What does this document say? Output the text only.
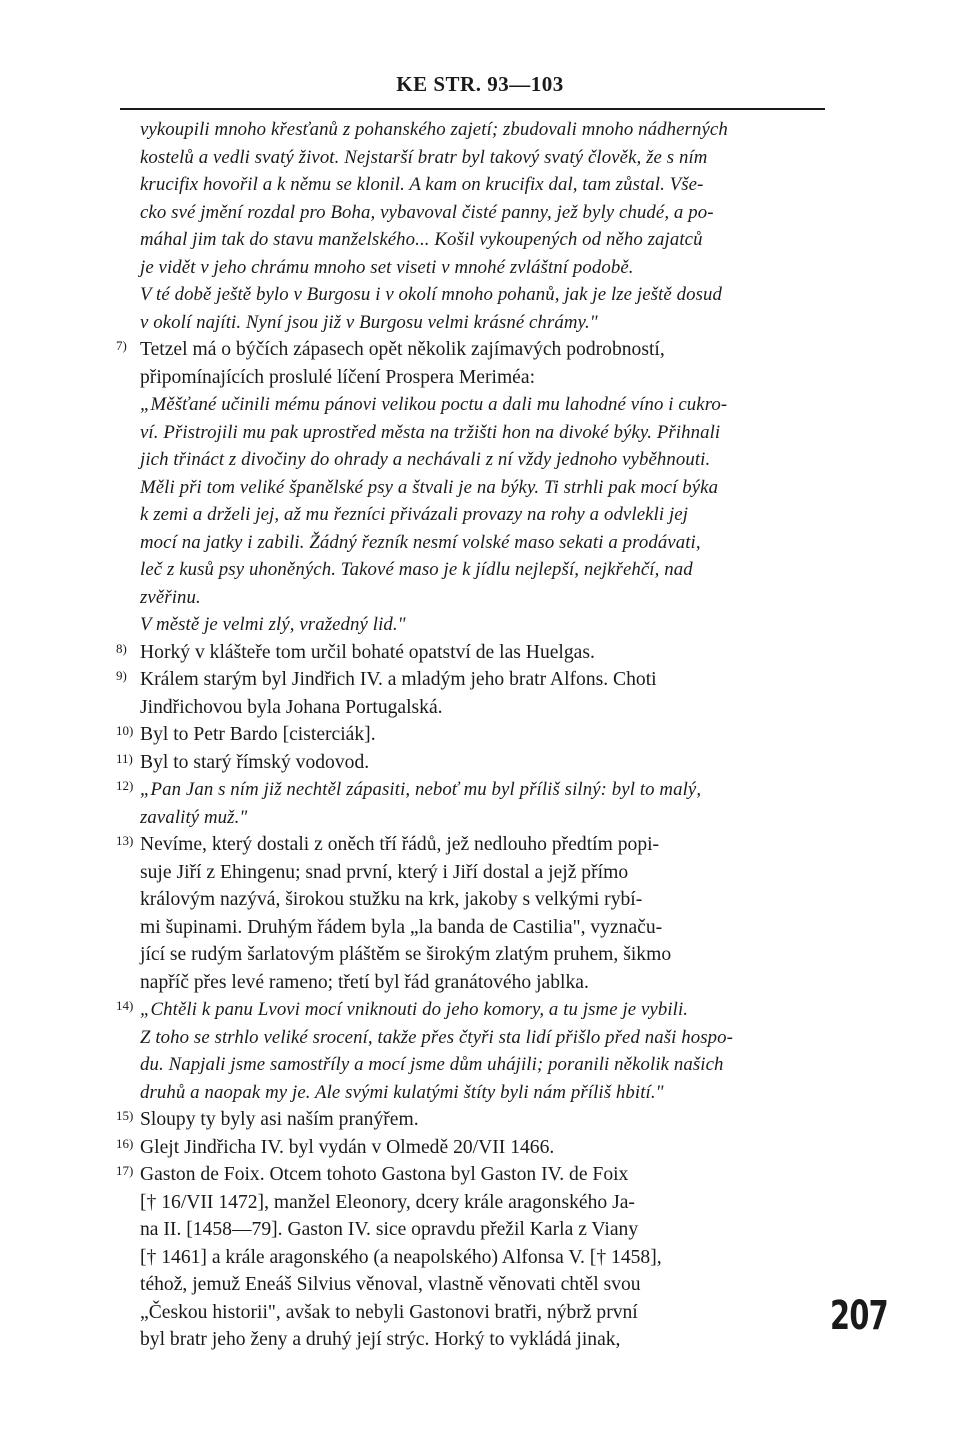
KE STR. 93—103
vykoupili mnoho křesťanů z pohanského zajetí; zbudovali mnoho nádherných
kostelů a vedli svatý život. Nejstarší bratr byl takový svatý člověk, že s ním
krucifix hovořil a k němu se klonil. A kam on krucifix dal, tam zůstal. Vše-
cko své jmění rozdal pro Boha, vybavoval čisté panny, jež byly chudé, a po-
máhal jim tak do stavu manželského... Košil vykoupených od něho zajatců
je vidět v jeho chrámu mnoho set viseti v mnohé zvláštní podobě.
V té době ještě bylo v Burgosu i v okolí mnoho pohanů, jak je lze ještě dosud
v okolí najíti. Nyní jsou již v Burgosu velmi krásné chrámy."
7) Tetzel má o býčích zápasech opět několik zajímavých podrobností,
připomínajících proslulé líčení Prospera Meriméa:
„Měšťané učinili mému pánovi velikou poctu a dali mu lahodné víno i cukro-
ví. Přistrojili mu pak uprostřed města na tržišti hon na divoké býky. Přihnali
jich třináct z divočiny do ohrady a nechávali z ní vždy jednoho vyběhnouti.
Měli při tom veliké španělské psy a štvali je na býky. Ti strhli pak mocí býka
k zemi a drželi jej, až mu řezníci přivázali provazy na rohy a odvlekli jej
mocí na jatky i zabili. Žádný řezník nesmí volské maso sekati a prodávati,
leč z kusů psy uhoněných. Takové maso je k jídlu nejlepší, nejkřehčí, nad
zvěřinu.
V městě je velmi zlý, vražedný lid."
8) Horký v klášteře tom určil bohaté opatství de las Huelgas.
9) Králem starým byl Jindřich IV. a mladým jeho bratr Alfons. Choti
Jindřichovou byla Johana Portugalská.
10) Byl to Petr Bardo [cisterciák].
11) Byl to starý římský vodovod.
12) „Pan Jan s ním již nechtěl zápasiti, neboť mu byl příliš silný: byl to malý,
zavalitý muž."
13) Nevíme, který dostali z oněch tří řádů, jež nedlouho předtím popi-
suje Jiří z Ehingenu; snad první, který i Jiří dostal a jejž přímo
královým nazývá, širokou stužku na krk, jakoby s velkými rybí-
mi šupinami. Druhým řádem byla „la banda de Castilia", vyznaču-
jící se rudým šarlatovým pláštěm se širokým zlatým pruhem, šikmo
napříč přes levé rameno; třetí byl řád granátového jablka.
14) „Chtěli k panu Lvovi mocí vniknouti do jeho komory, a tu jsme je vybili.
Z toho se strhlo veliké srocení, takže přes čtyři sta lidí přišlo před naši hospo-
du. Napjali jsme samostříly a mocí jsme dům uhájili; poranili několik našich
druhů a naopak my je. Ale svými kulatými štíty byli nám příliš hbití."
15) Sloupy ty byly asi naším pranýřem.
16) Glejt Jindřicha IV. byl vydán v Olmedě 20/VII 1466.
17) Gaston de Foix. Otcem tohoto Gastona byl Gaston IV. de Foix
[† 16/VII 1472], manžel Eleonory, dcery krále aragonského Ja-
na II. [1458—79]. Gaston IV. sice opravdu přežil Karla z Viany
[† 1461] a krále aragonského (a neapolského) Alfonsa V. [† 1458],
téhož, jemuž Eneáš Silvius věnoval, vlastně věnovati chtěl svou
„Českou historii", avšak to nebyli Gastonovi bratři, nýbrž první
byl bratr jeho ženy a druhý její strýc. Horký to vykládá jinak,
207
